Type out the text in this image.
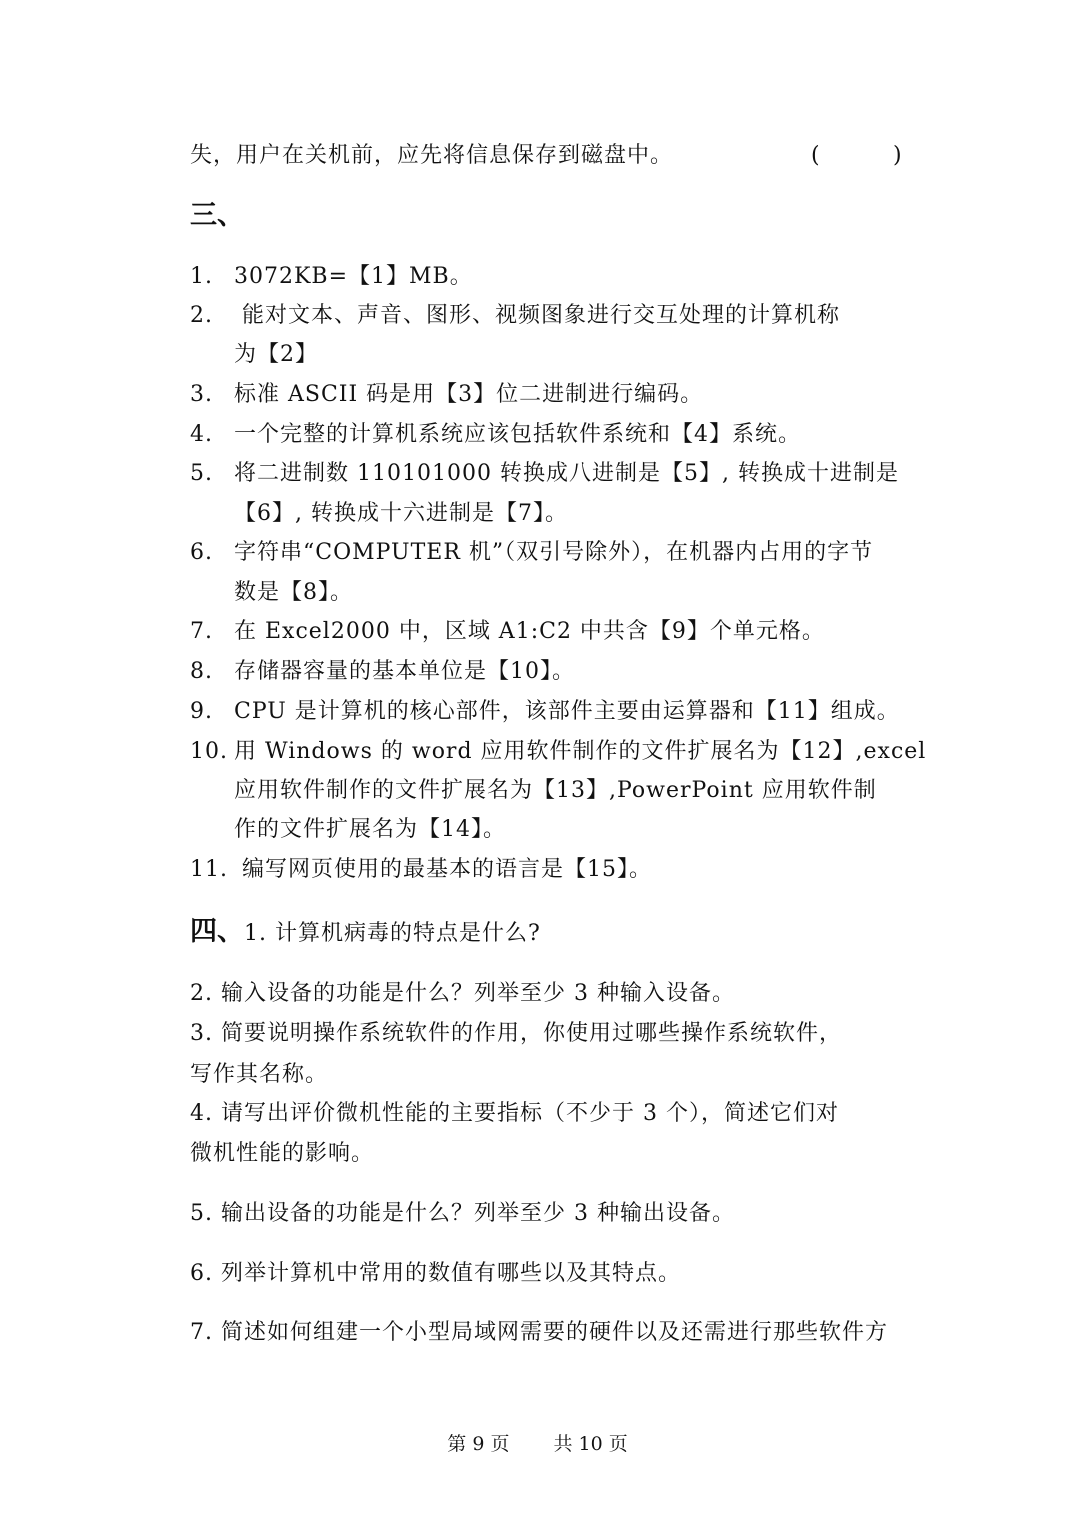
失，用户在关机前，应先将信息保存到磁盘中。	(	)
三、
1. 3072KB=【1】MB。
2. 能对文本、声音、图形、视频图象进行交互处理的计算机称
为【2】
3. 标准 ASCII 码是用【3】位二进制进行编码。
4. 一个完整的计算机系统应该包括软件系统和【4】系统。
5. 将二进制数 110101000 转换成八进制是【5】, 转换成十进制是
【6】, 转换成十六进制是【7】。
6. 字符串“COMPUTER 机”（双引号除外），在机器内占用的字节
数是【8】。
7. 在 Excel2000 中，区域 A1:C2 中共含【9】个单元格。
8. 存储器容量的基本单位是【10】。
9. CPU 是计算机的核心部件，该部件主要由运算器和【11】组成。
10. 用 Windows 的 word 应用软件制作的文件扩展名为【12】,excel
应用软件制作的文件扩展名为【13】,PowerPoint 应用软件制
作的文件扩展名为【14】。
11. 编写网页使用的最基本的语言是【15】。
四、1. 计算机病毒的特点是什么?
2. 输入设备的功能是什么？列举至少 3 种输入设备。
3. 简要说明操作系统软件的作用，你使用过哪些操作系统软件，
写作其名称。
4. 请写出评价微机性能的主要指标（不少于 3 个），简述它们对
微机性能的影响。
5. 输出设备的功能是什么？列举至少 3 种输出设备。
6. 列举计算机中常用的数值有哪些以及其特点。
7. 简述如何组建一个小型局域网需要的硬件以及还需进行那些软件方
第 9 页 共 10 页
